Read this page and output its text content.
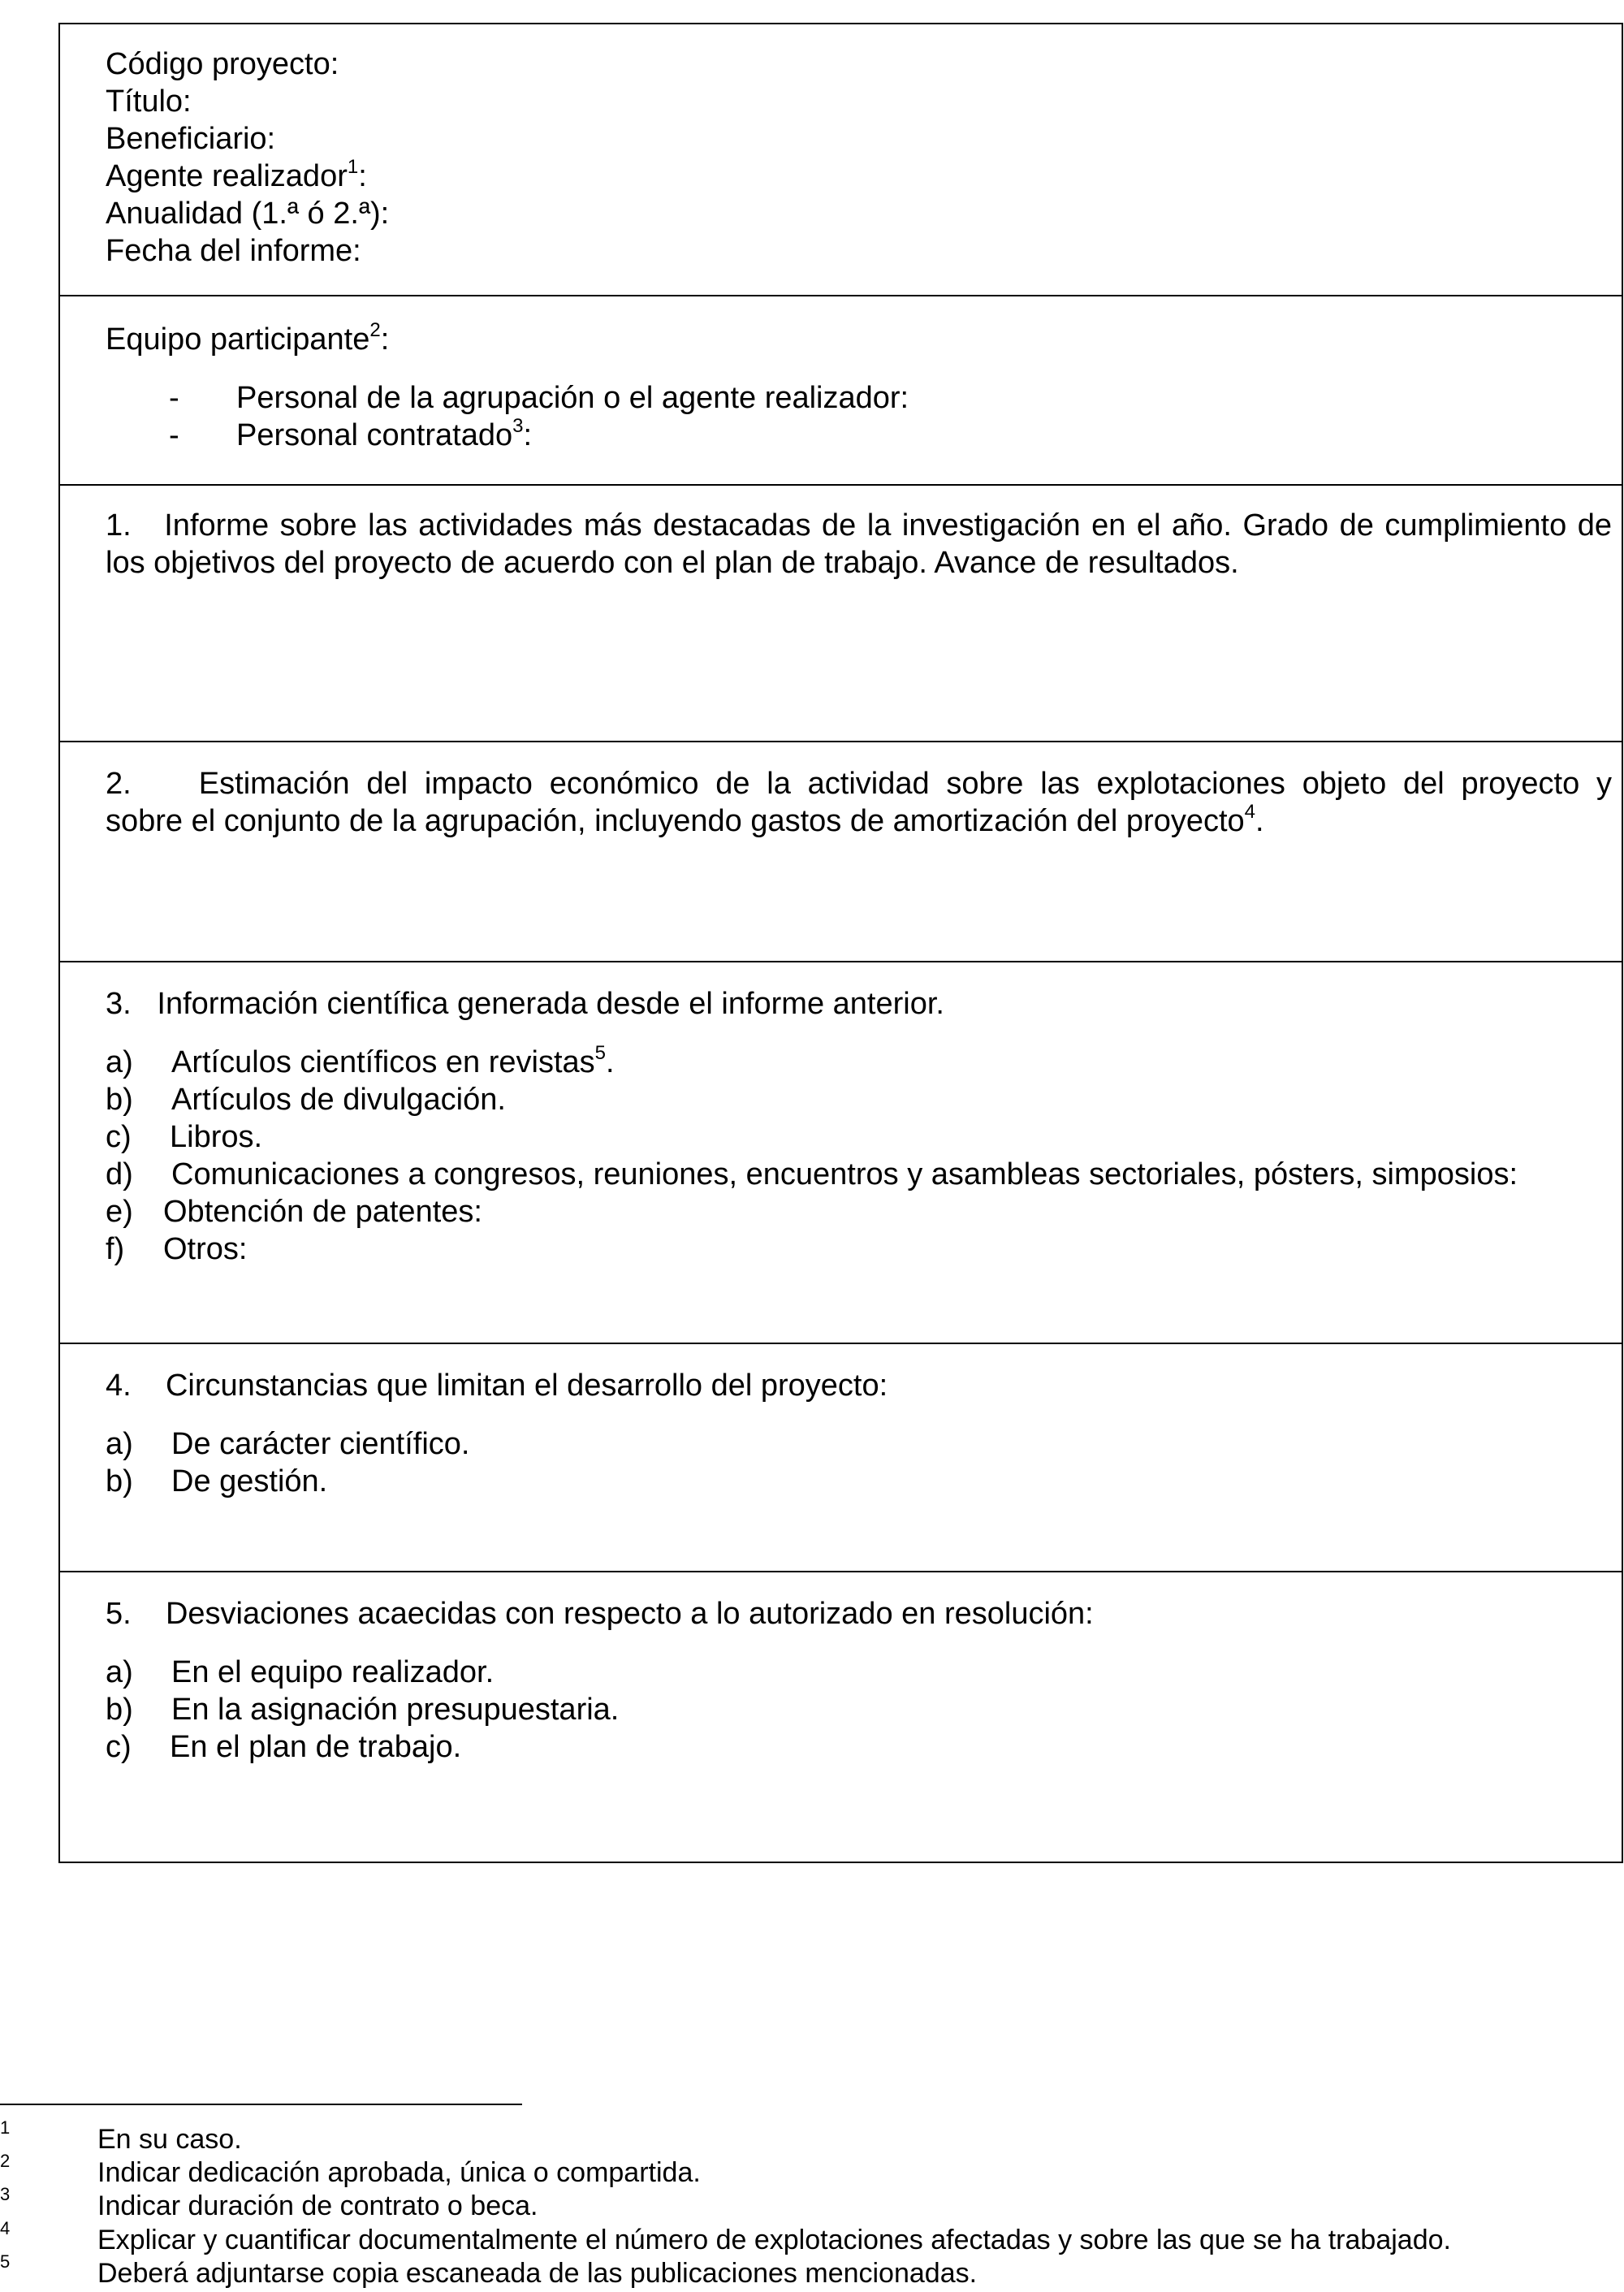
Código proyecto:
Título:
Beneficiario:
Agente realizador$^1$:
Anualidad (1.ª ó 2.ª):
Fecha del informe:
Equipo participante$^2$:
- Personal de la agrupación o el agente realizador:
- Personal contratado$^3$:
1. Informe sobre las actividades más destacadas de la investigación en el año. Grado de cumplimiento de los objetivos del proyecto de acuerdo con el plan de trabajo. Avance de resultados.
2. Estimación del impacto económico de la actividad sobre las explotaciones objeto del proyecto y
sobre el conjunto de la agrupación, incluyendo gastos de amortización del proyecto$^4$.
3. Información científica generada desde el informe anterior.
a) Artículos científicos en revistas$^5$.
b) Artículos de divulgación.
c) Libros.
d) Comunicaciones a congresos, reuniones, encuentros y asambleas sectoriales, pósters, simposios:
e) Obtención de patentes:
f) Otros:
4. Circunstancias que limitan el desarrollo del proyecto:
a) De carácter científico.
b) De gestión.
5. Desviaciones acaecidas con respecto a lo autorizado en resolución:
a) En el equipo realizador.
b) En la asignación presupuestaria.
c) En el plan de trabajo.
1	En su caso.
2	Indicar dedicación aprobada, única o compartida.
3	Indicar duración de contrato o beca.
4	Explicar y cuantificar documentalmente el número de explotaciones afectadas y sobre las que se ha trabajado.
5	Deberá adjuntarse copia escaneada de las publicaciones mencionadas.
